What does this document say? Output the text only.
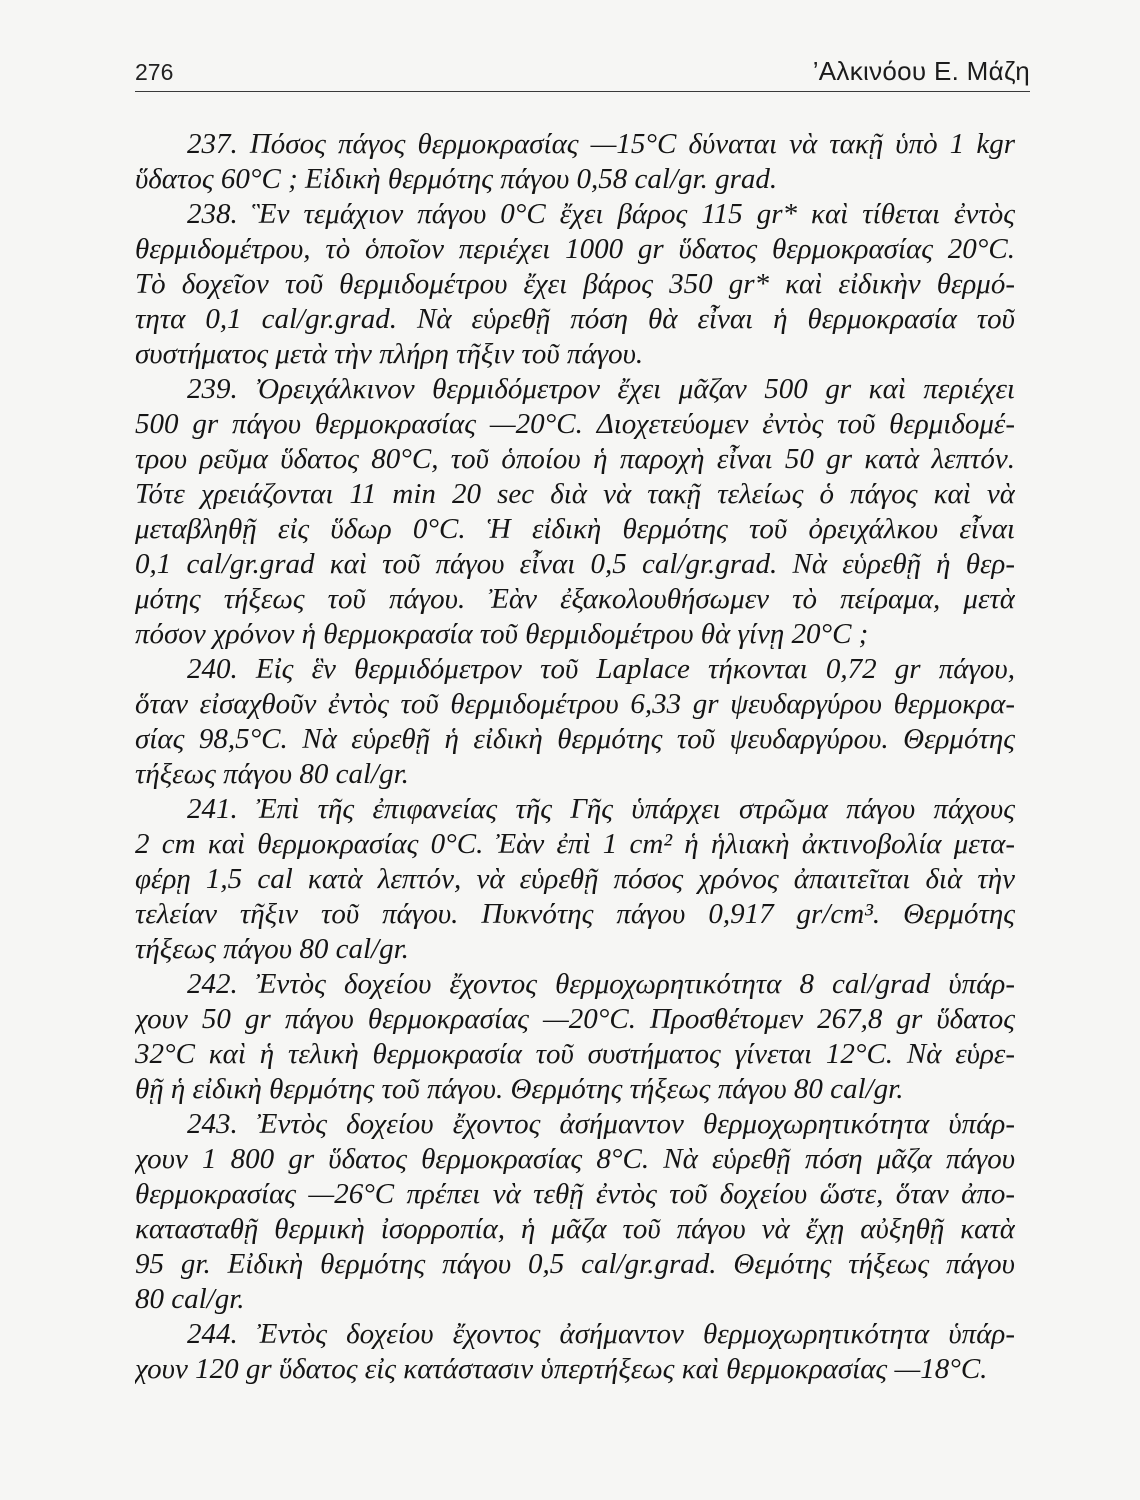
276	’Αλκινόου Ε. Μάζη
237. Πόσος πάγος θερμοκρασίας —15°C δύναται νὰ τακῇ ὑπὸ 1 kgr
ὕδατος 60°C ; Εἰδικὴ θερμότης πάγου 0,58 cal/gr. grad.
238. Ἓν τεμάχιον πάγου 0°C ἔχει βάρος 115 gr* καὶ τίθεται ἐντὸς
θερμιδομέτρου, τὸ ὁποῖον περιέχει 1000 gr ὕδατος θερμοκρασίας 20°C.
Τὸ δοχεῖον τοῦ θερμιδομέτρου ἔχει βάρος 350 gr* καὶ εἰδικὴν θερμό-
τητα 0,1 cal/gr.grad. Νὰ εὑρεθῇ πόση θὰ εἶναι ἡ θερμοκρασία τοῦ
συστήματος μετὰ τὴν πλήρη τῆξιν τοῦ πάγου.
239. Ὀρειχάλκινον θερμιδόμετρον ἔχει μᾶζαν 500 gr καὶ περιέχει
500 gr πάγου θερμοκρασίας —20°C. Διοχετεύομεν ἐντὸς τοῦ θερμιδομέ-
τρου ρεῦμα ὕδατος 80°C, τοῦ ὁποίου ἡ παροχὴ εἶναι 50 gr κατὰ λεπτόν.
Τότε χρειάζονται 11 min 20 sec διὰ νὰ τακῇ τελείως ὁ πάγος καὶ νὰ
μεταβληθῇ εἰς ὕδωρ 0°C. Ἡ εἰδικὴ θερμότης τοῦ ὀρειχάλκου εἶναι
0,1 cal/gr.grad καὶ τοῦ πάγου εἶναι 0,5 cal/gr.grad. Νὰ εὑρεθῇ ἡ θερ-
μότης τήξεως τοῦ πάγου. Ἐὰν ἐξακολουθήσωμεν τὸ πείραμα, μετὰ
πόσον χρόνον ἡ θερμοκρασία τοῦ θερμιδομέτρου θὰ γίνῃ 20°C ;
240. Εἰς ἓν θερμιδόμετρον τοῦ Laplace τήκονται 0,72 gr πάγου,
ὅταν εἰσαχθοῦν ἐντὸς τοῦ θερμιδομέτρου 6,33 gr ψευδαργύρου θερμοκρα-
σίας 98,5°C. Νὰ εὑρεθῇ ἡ εἰδικὴ θερμότης τοῦ ψευδαργύρου. Θερμότης
τήξεως πάγου 80 cal/gr.
241. Ἐπὶ τῆς ἐπιφανείας τῆς Γῆς ὑπάρχει στρῶμα πάγου πάχους
2 cm καὶ θερμοκρασίας 0°C. Ἐὰν ἐπὶ 1 cm² ἡ ἡλιακὴ ἀκτινοβολία μετα-
φέρῃ 1,5 cal κατὰ λεπτόν, νὰ εὑρεθῇ πόσος χρόνος ἀπαιτεῖται διὰ τὴν
τελείαν τῆξιν τοῦ πάγου. Πυκνότης πάγου 0,917 gr/cm³. Θερμότης
τήξεως πάγου 80 cal/gr.
242. Ἐντὸς δοχείου ἔχοντος θερμοχωρητικότητα 8 cal/grad ὑπάρ-
χουν 50 gr πάγου θερμοκρασίας —20°C. Προσθέτομεν 267,8 gr ὕδατος
32°C καὶ ἡ τελικὴ θερμοκρασία τοῦ συστήματος γίνεται 12°C. Νὰ εὑρε-
θῇ ἡ εἰδικὴ θερμότης τοῦ πάγου. Θερμότης τήξεως πάγου 80 cal/gr.
243. Ἐντὸς δοχείου ἔχοντος ἀσήμαντον θερμοχωρητικότητα ὑπάρ-
χουν 1 800 gr ὕδατος θερμοκρασίας 8°C. Νὰ εὑρεθῇ πόση μᾶζα πάγου
θερμοκρασίας —26°C πρέπει νὰ τεθῇ ἐντὸς τοῦ δοχείου ὥστε, ὅταν ἀπο-
κατασταθῇ θερμικὴ ἰσορροπία, ἡ μᾶζα τοῦ πάγου νὰ ἔχῃ αὐξηθῇ κατὰ
95 gr. Εἰδικὴ θερμότης πάγου 0,5 cal/gr.grad. Θεμότης τήξεως πάγου
80 cal/gr.
244. Ἐντὸς δοχείου ἔχοντος ἀσήμαντον θερμοχωρητικότητα ὑπάρ-
χουν 120 gr ὕδατος εἰς κατάστασιν ὑπερτήξεως καὶ θερμοκρασίας —18°C.
